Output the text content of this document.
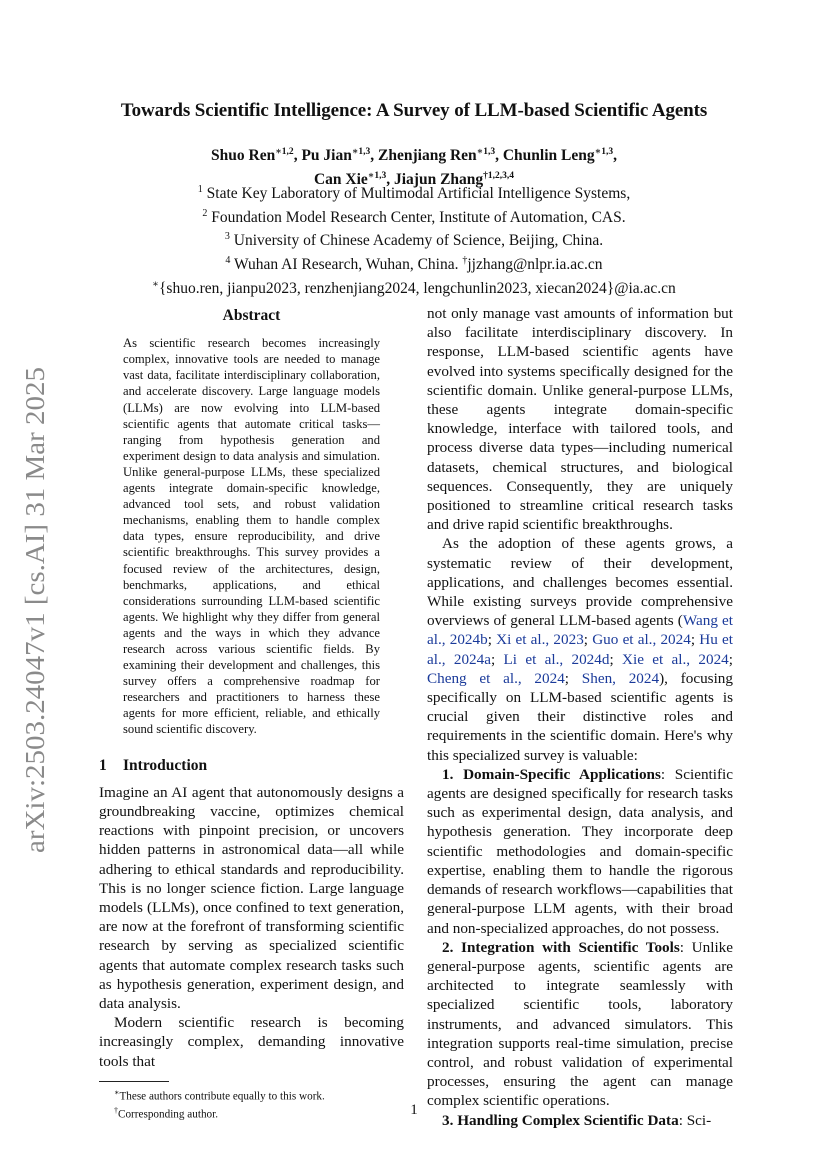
arXiv:2503.24047v1 [cs.AI] 31 Mar 2025
Towards Scientific Intelligence: A Survey of LLM-based Scientific Agents
Shuo Ren$^{∗1,2}$, Pu Jian$^{∗1,3}$, Zhenjiang Ren$^{∗1,3}$, Chunlin Leng$^{∗1,3}$,
Can Xie$^{∗1,3}$, Jiajun Zhang$^{\dagger 1,2,3,4}$
$^1$ State Key Laboratory of Multimodal Artificial Intelligence Systems,
$^2$ Foundation Model Research Center, Institute of Automation, CAS.
$^3$ University of Chinese Academy of Science, Beijing, China.
$^4$ Wuhan AI Research, Wuhan, China. †jjzhang@nlpr.ia.ac.cn
∗{shuo.ren, jianpu2023, renzhenjiang2024, lengchunlin2023, xiecan2024}@ia.ac.cn
Abstract

As scientific research becomes increasingly complex, innovative tools are needed to manage vast data, facilitate interdisciplinary collaboration, and accelerate discovery. Large language models (LLMs) are now evolving into LLM-based scientific agents that automate critical tasks—ranging from hypothesis generation and experiment design to data analysis and simulation. Unlike general-purpose LLMs, these specialized agents integrate domain-specific knowledge, advanced tool sets, and robust validation mechanisms, enabling them to handle complex data types, ensure reproducibility, and drive scientific breakthroughs. This survey provides a focused review of the architectures, design, benchmarks, applications, and ethical considerations surrounding LLM-based scientific agents. We highlight why they differ from general agents and the ways in which they advance research across various scientific fields. By examining their development and challenges, this survey offers a comprehensive roadmap for researchers and practitioners to harness these agents for more efficient, reliable, and ethically sound scientific discovery.

1 Introduction

Imagine an AI agent that autonomously designs a groundbreaking vaccine, optimizes chemical reactions with pinpoint precision, or uncovers hidden patterns in astronomical data—all while adhering to ethical standards and reproducibility. This is no longer science fiction. Large language models (LLMs), once confined to text generation, are now at the forefront of transforming scientific research by serving as specialized scientific agents that automate complex research tasks such as hypothesis generation, experiment design, and data analysis.

Modern scientific research is becoming increasingly complex, demanding innovative tools that

∗These authors contribute equally to this work.
†Corresponding author.

not only manage vast amounts of information but also facilitate interdisciplinary discovery. In response, LLM-based scientific agents have evolved into systems specifically designed for the scientific domain. Unlike general-purpose LLMs, these agents integrate domain-specific knowledge, interface with tailored tools, and process diverse data types—including numerical datasets, chemical structures, and biological sequences. Consequently, they are uniquely positioned to streamline critical research tasks and drive rapid scientific breakthroughs.

As the adoption of these agents grows, a systematic review of their development, applications, and challenges becomes essential. While existing surveys provide comprehensive overviews of general LLM-based agents (Wang et al., 2024b; Xi et al., 2023; Guo et al., 2024; Hu et al., 2024a; Li et al., 2024d; Xie et al., 2024; Cheng et al., 2024; Shen, 2024), focusing specifically on LLM-based scientific agents is crucial given their distinctive roles and requirements in the scientific domain. Here's why this specialized survey is valuable:

1. Domain-Specific Applications: Scientific agents are designed specifically for research tasks such as experimental design, data analysis, and hypothesis generation. They incorporate deep scientific methodologies and domain-specific expertise, enabling them to handle the rigorous demands of research workflows—capabilities that general-purpose LLM agents, with their broad and non-specialized approaches, do not possess.

2. Integration with Scientific Tools: Unlike general-purpose agents, scientific agents are architected to integrate seamlessly with specialized scientific tools, laboratory instruments, and advanced simulators. This integration supports real-time simulation, precise control, and robust validation of experimental processes, ensuring the agent can manage complex scientific operations.

3. Handling Complex Scientific Data: Sci-

1
